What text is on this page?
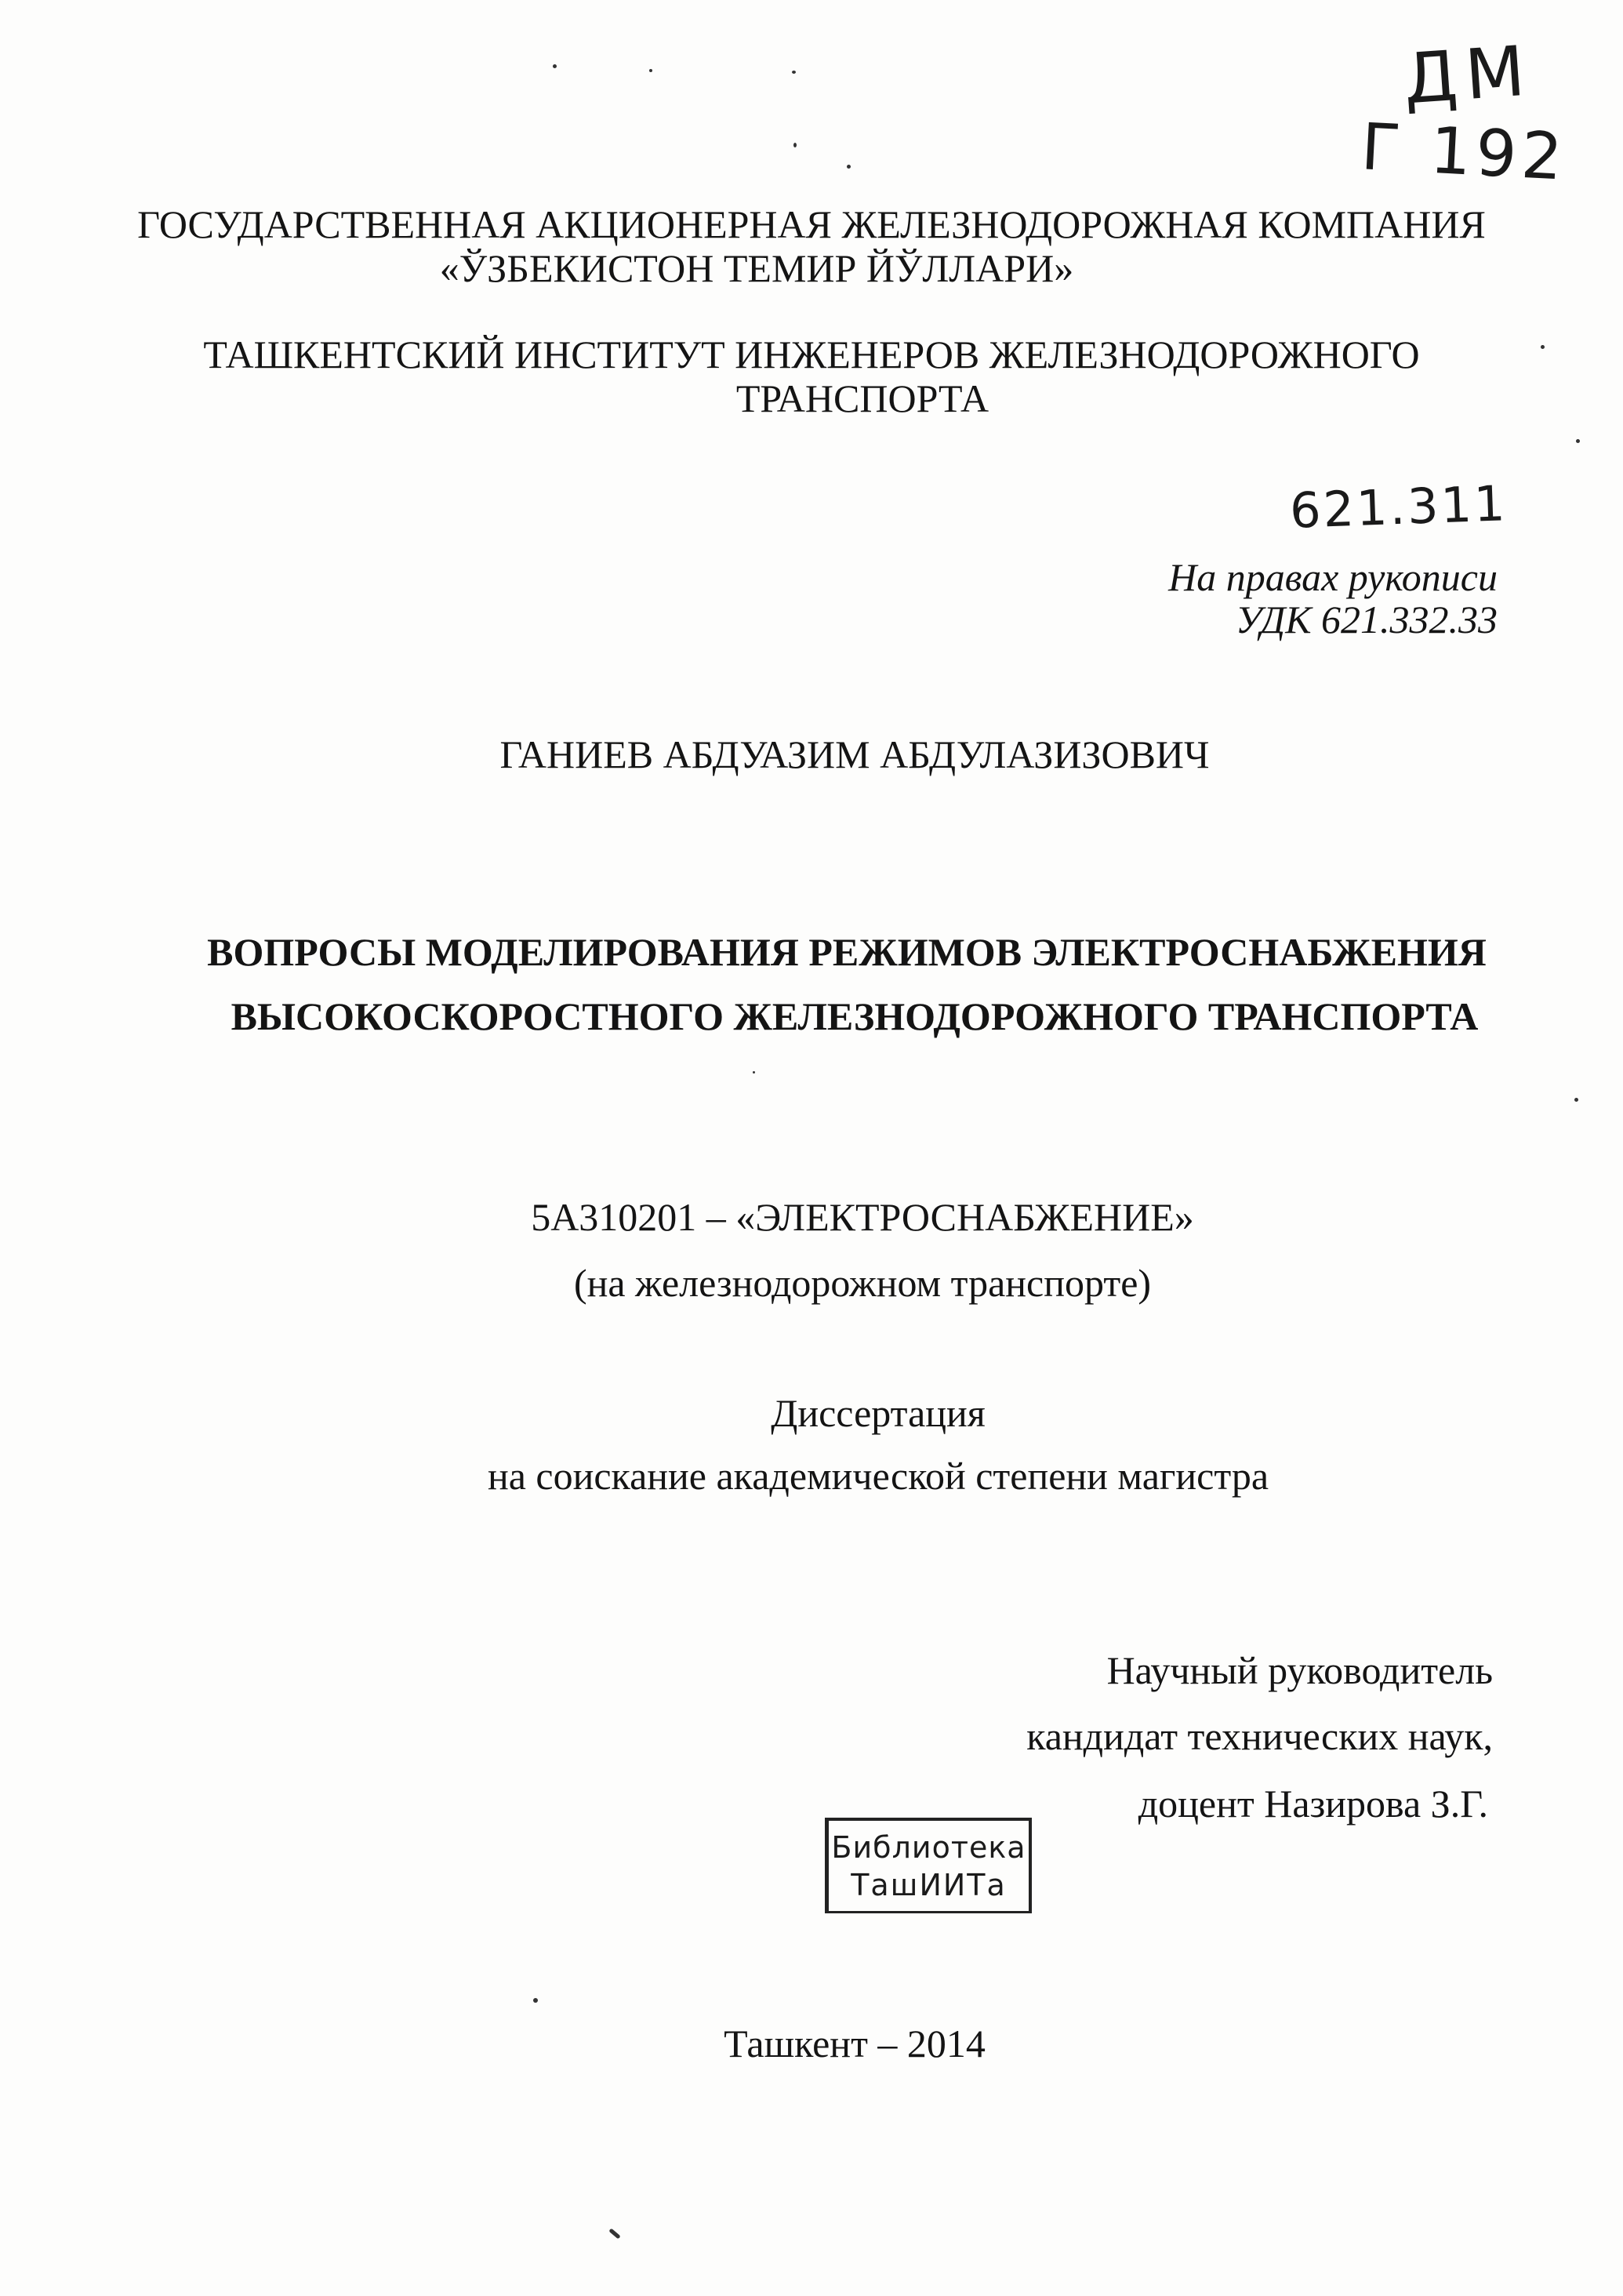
ДМ
Г 192
ГОСУДАРСТВЕННАЯ АКЦИОНЕРНАЯ ЖЕЛЕЗНОДОРОЖНАЯ КОМПАНИЯ
«ЎЗБЕКИСТОН ТЕМИР ЙЎЛЛАРИ»
ТАШКЕНТСКИЙ ИНСТИТУТ ИНЖЕНЕРОВ ЖЕЛЕЗНОДОРОЖНОГО
ТРАНСПОРТА
621.311
На правах рукописи
УДК 621.332.33
ГАНИЕВ АБДУАЗИМ АБДУЛАЗИЗОВИЧ
ВОПРОСЫ МОДЕЛИРОВАНИЯ РЕЖИМОВ ЭЛЕКТРОСНАБЖЕНИЯ
ВЫСОКОСКОРОСТНОГО ЖЕЛЕЗНОДОРОЖНОГО ТРАНСПОРТА
5А310201 – «ЭЛЕКТРОСНАБЖЕНИЕ»
(на железнодорожном транспорте)
Диссертация
на соискание академической степени магистра
Научный руководитель
кандидат технических наук,
доцент Назирова З.Г.
Библиотека
ТашИИТа
Ташкент – 2014
